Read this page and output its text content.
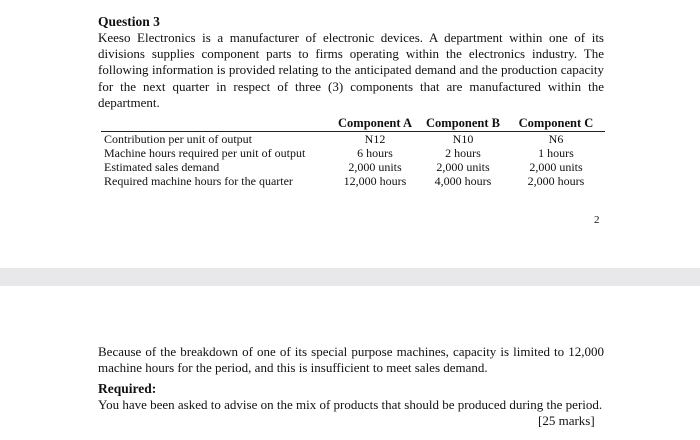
Question 3
Keeso Electronics is a manufacturer of electronic devices. A department within one of its divisions supplies component parts to firms operating within the electronics industry. The following information is provided relating to the anticipated demand and the production capacity for the next quarter in respect of three (3) components that are manufactured within the department.
	Component A	Component B	Component C
Contribution per unit of output	N12	N10	N6
Machine hours required per unit of output	6 hours	2 hours	1 hours
Estimated sales demand	2,000 units	2,000 units	2,000 units
Required machine hours for the quarter	12,000 hours	4,000 hours	2,000 hours
2
Because of the breakdown of one of its special purpose machines, capacity is limited to 12,000 machine hours for the period, and this is insufficient to meet sales demand.
Required:
You have been asked to advise on the mix of products that should be produced during the period.
[25 marks]
